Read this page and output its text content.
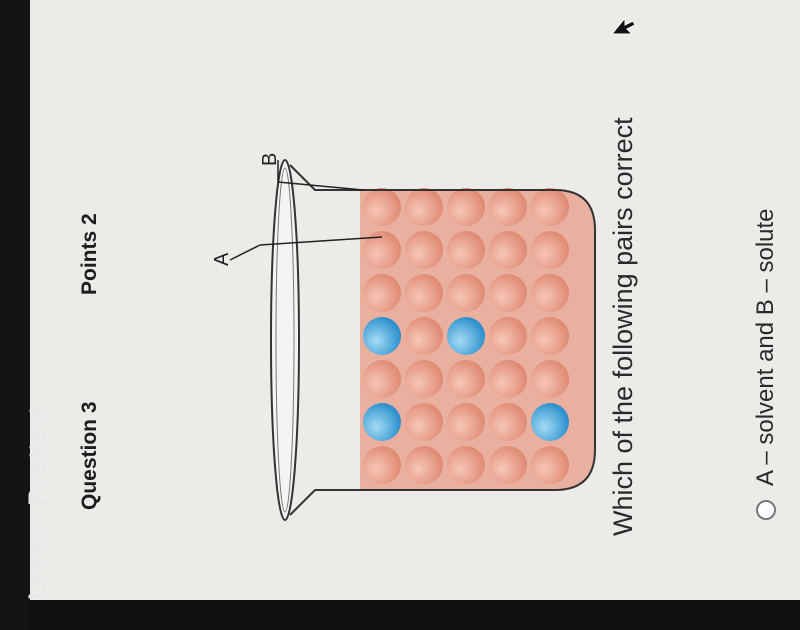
Lesson Posttest Question 3
Points 2	A
B	Which of the following pairs correct	A – solvent and B – solute
